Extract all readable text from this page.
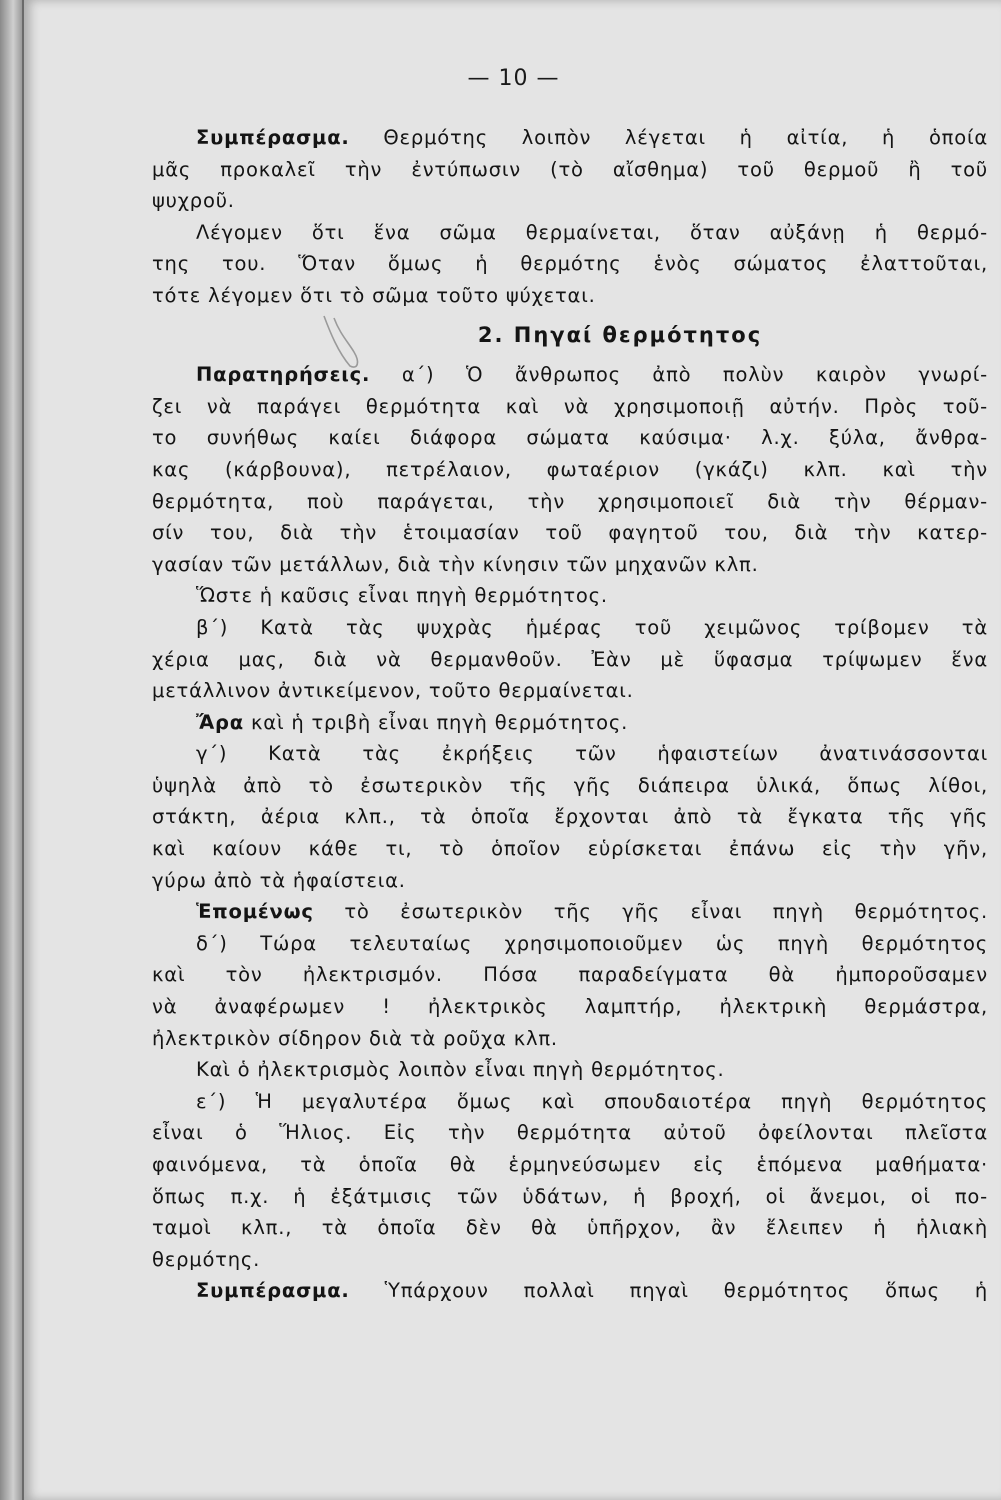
— 10 —
Συμπέρασμα. Θερμότης λοιπὸν λέγεται ἡ αἰτία, ἡ ὁποία
μᾶς προκαλεῖ τὴν ἐντύπωσιν (τὸ αἴσθημα) τοῦ θερμοῦ ἢ τοῦ
ψυχροῦ.
Λέγομεν ὅτι ἕνα σῶμα θερμαίνεται, ὅταν αὐξάνῃ ἡ θερμό-
της του. Ὅταν ὅμως ἡ θερμότης ἑνὸς σώματος ἐλαττοῦται,
τότε λέγομεν ὅτι τὸ σῶμα τοῦτο ψύχεται.
2. Πηγαί θερμότητος
Παρατηρήσεις. α΄) Ὁ ἄνθρωπος ἀπὸ πολὺν καιρὸν γνωρί-
ζει νὰ παράγει θερμότητα καὶ νὰ χρησιμοποιῇ αὐτήν. Πρὸς τοῦ-
το συνήθως καίει διάφορα σώματα καύσιμα· λ.χ. ξύλα, ἄνθρα-
κας (κάρβουνα), πετρέλαιον, φωταέριον (γκάζι) κλπ. καὶ τὴν
θερμότητα, ποὺ παράγεται, τὴν χρησιμοποιεῖ διὰ τὴν θέρμαν-
σίν του, διὰ τὴν ἑτοιμασίαν τοῦ φαγητοῦ του, διὰ τὴν κατερ-
γασίαν τῶν μετάλλων, διὰ τὴν κίνησιν τῶν μηχανῶν κλπ.
Ὥστε ἡ καῦσις εἶναι πηγὴ θερμότητος.
β΄) Κατὰ τὰς ψυχρὰς ἡμέρας τοῦ χειμῶνος τρίβομεν τὰ
χέρια μας, διὰ νὰ θερμανθοῦν. Ἐὰν μὲ ὕφασμα τρίψωμεν ἕνα
μετάλλινον ἀντικείμενον, τοῦτο θερμαίνεται.
Ἄρα καὶ ἡ τριβὴ εἶναι πηγὴ θερμότητος.
γ΄) Κατὰ τὰς ἐκρήξεις τῶν ἡφαιστείων ἀνατινάσσονται
ὑψηλὰ ἀπὸ τὸ ἐσωτερικὸν τῆς γῆς διάπειρα ὑλικά, ὅπως λίθοι,
στάκτη, ἀέρια κλπ., τὰ ὁποῖα ἔρχονται ἀπὸ τὰ ἔγκατα τῆς γῆς
καὶ καίουν κάθε τι, τὸ ὁποῖον εὑρίσκεται ἐπάνω εἰς τὴν γῆν,
γύρω ἀπὸ τὰ ἡφαίστεια.
Ἑπομένως τὸ ἐσωτερικὸν τῆς γῆς εἶναι πηγὴ θερμότητος.
δ΄) Τώρα τελευταίως χρησιμοποιοῦμεν ὡς πηγὴ θερμότητος
καὶ τὸν ἠλεκτρισμόν. Πόσα παραδείγματα θὰ ἠμποροῦσαμεν
νὰ ἀναφέρωμεν ! ἠλεκτρικὸς λαμπτήρ, ἠλεκτρικὴ θερμάστρα,
ἠλεκτρικὸν σίδηρον διὰ τὰ ροῦχα κλπ.
Καὶ ὁ ἠλεκτρισμὸς λοιπὸν εἶναι πηγὴ θερμότητος.
ε΄) Ἡ μεγαλυτέρα ὅμως καὶ σπουδαιοτέρα πηγὴ θερμότητος
εἶναι ὁ Ἥλιος. Εἰς τὴν θερμότητα αὐτοῦ ὀφείλονται πλεῖστα
φαινόμενα, τὰ ὁποῖα θὰ ἑρμηνεύσωμεν εἰς ἑπόμενα μαθήματα·
ὅπως π.χ. ἡ ἐξάτμισις τῶν ὑδάτων, ἡ βροχή, οἱ ἄνεμοι, οἱ πο-
ταμοὶ κλπ., τὰ ὁποῖα δὲν θὰ ὑπῆρχον, ἂν ἔλειπεν ἡ ἡλιακὴ
θερμότης.
Συμπέρασμα. Ὑπάρχουν πολλαὶ πηγαὶ θερμότητος ὅπως ἡ
